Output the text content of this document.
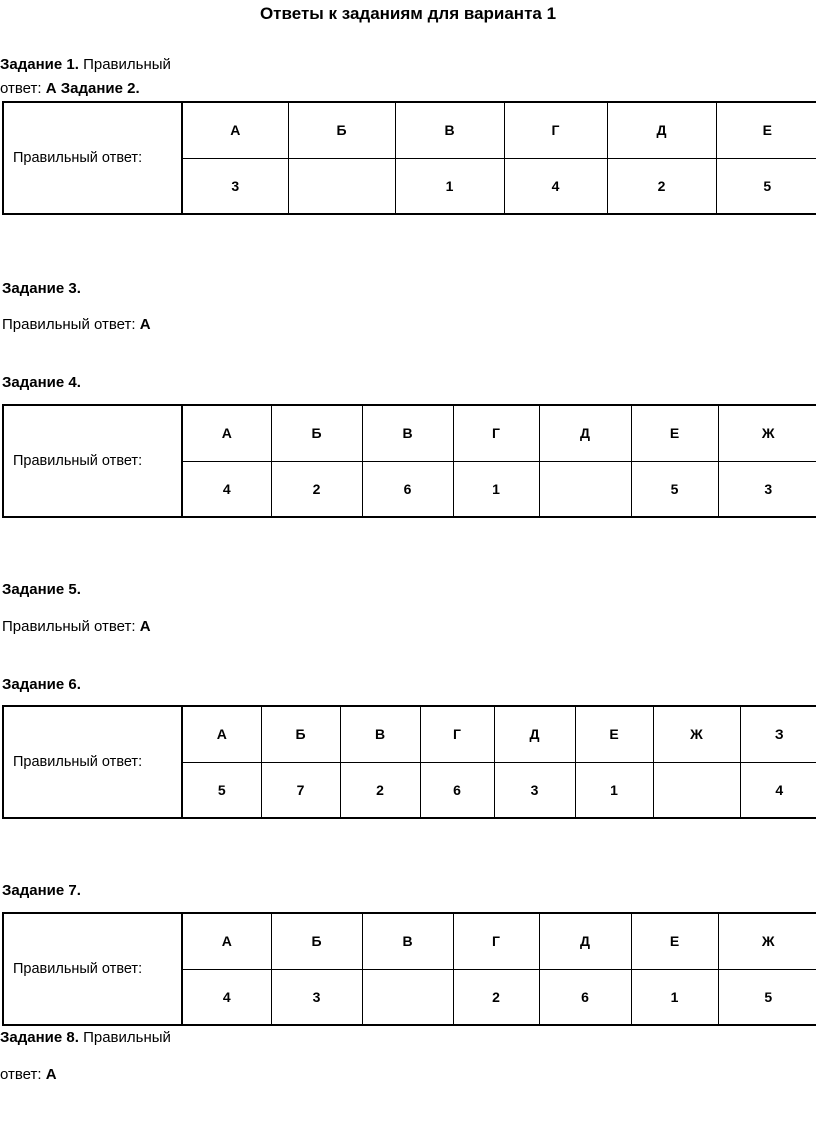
Ответы к заданиям для варианта 1
Задание 1. Правильный
ответ: А Задание 2.
Правильный ответ:	А	Б	В	Г	Д	Е
	3		1	4	2	5
Задание 3.
Правильный ответ: А
Задание 4.
Правильный ответ:	А	Б	В	Г	Д	Е	Ж
	4	2	6	1		5	3
Задание 5.
Правильный ответ: А
Задание 6.
Правильный ответ:	А	Б	В	Г	Д	Е	Ж	З
	5	7	2	6	3	1		4
Задание 7.
Правильный ответ:	А	Б	В	Г	Д	Е	Ж
	4	3		2	6	1	5
Задание 8. Правильный
ответ: А
